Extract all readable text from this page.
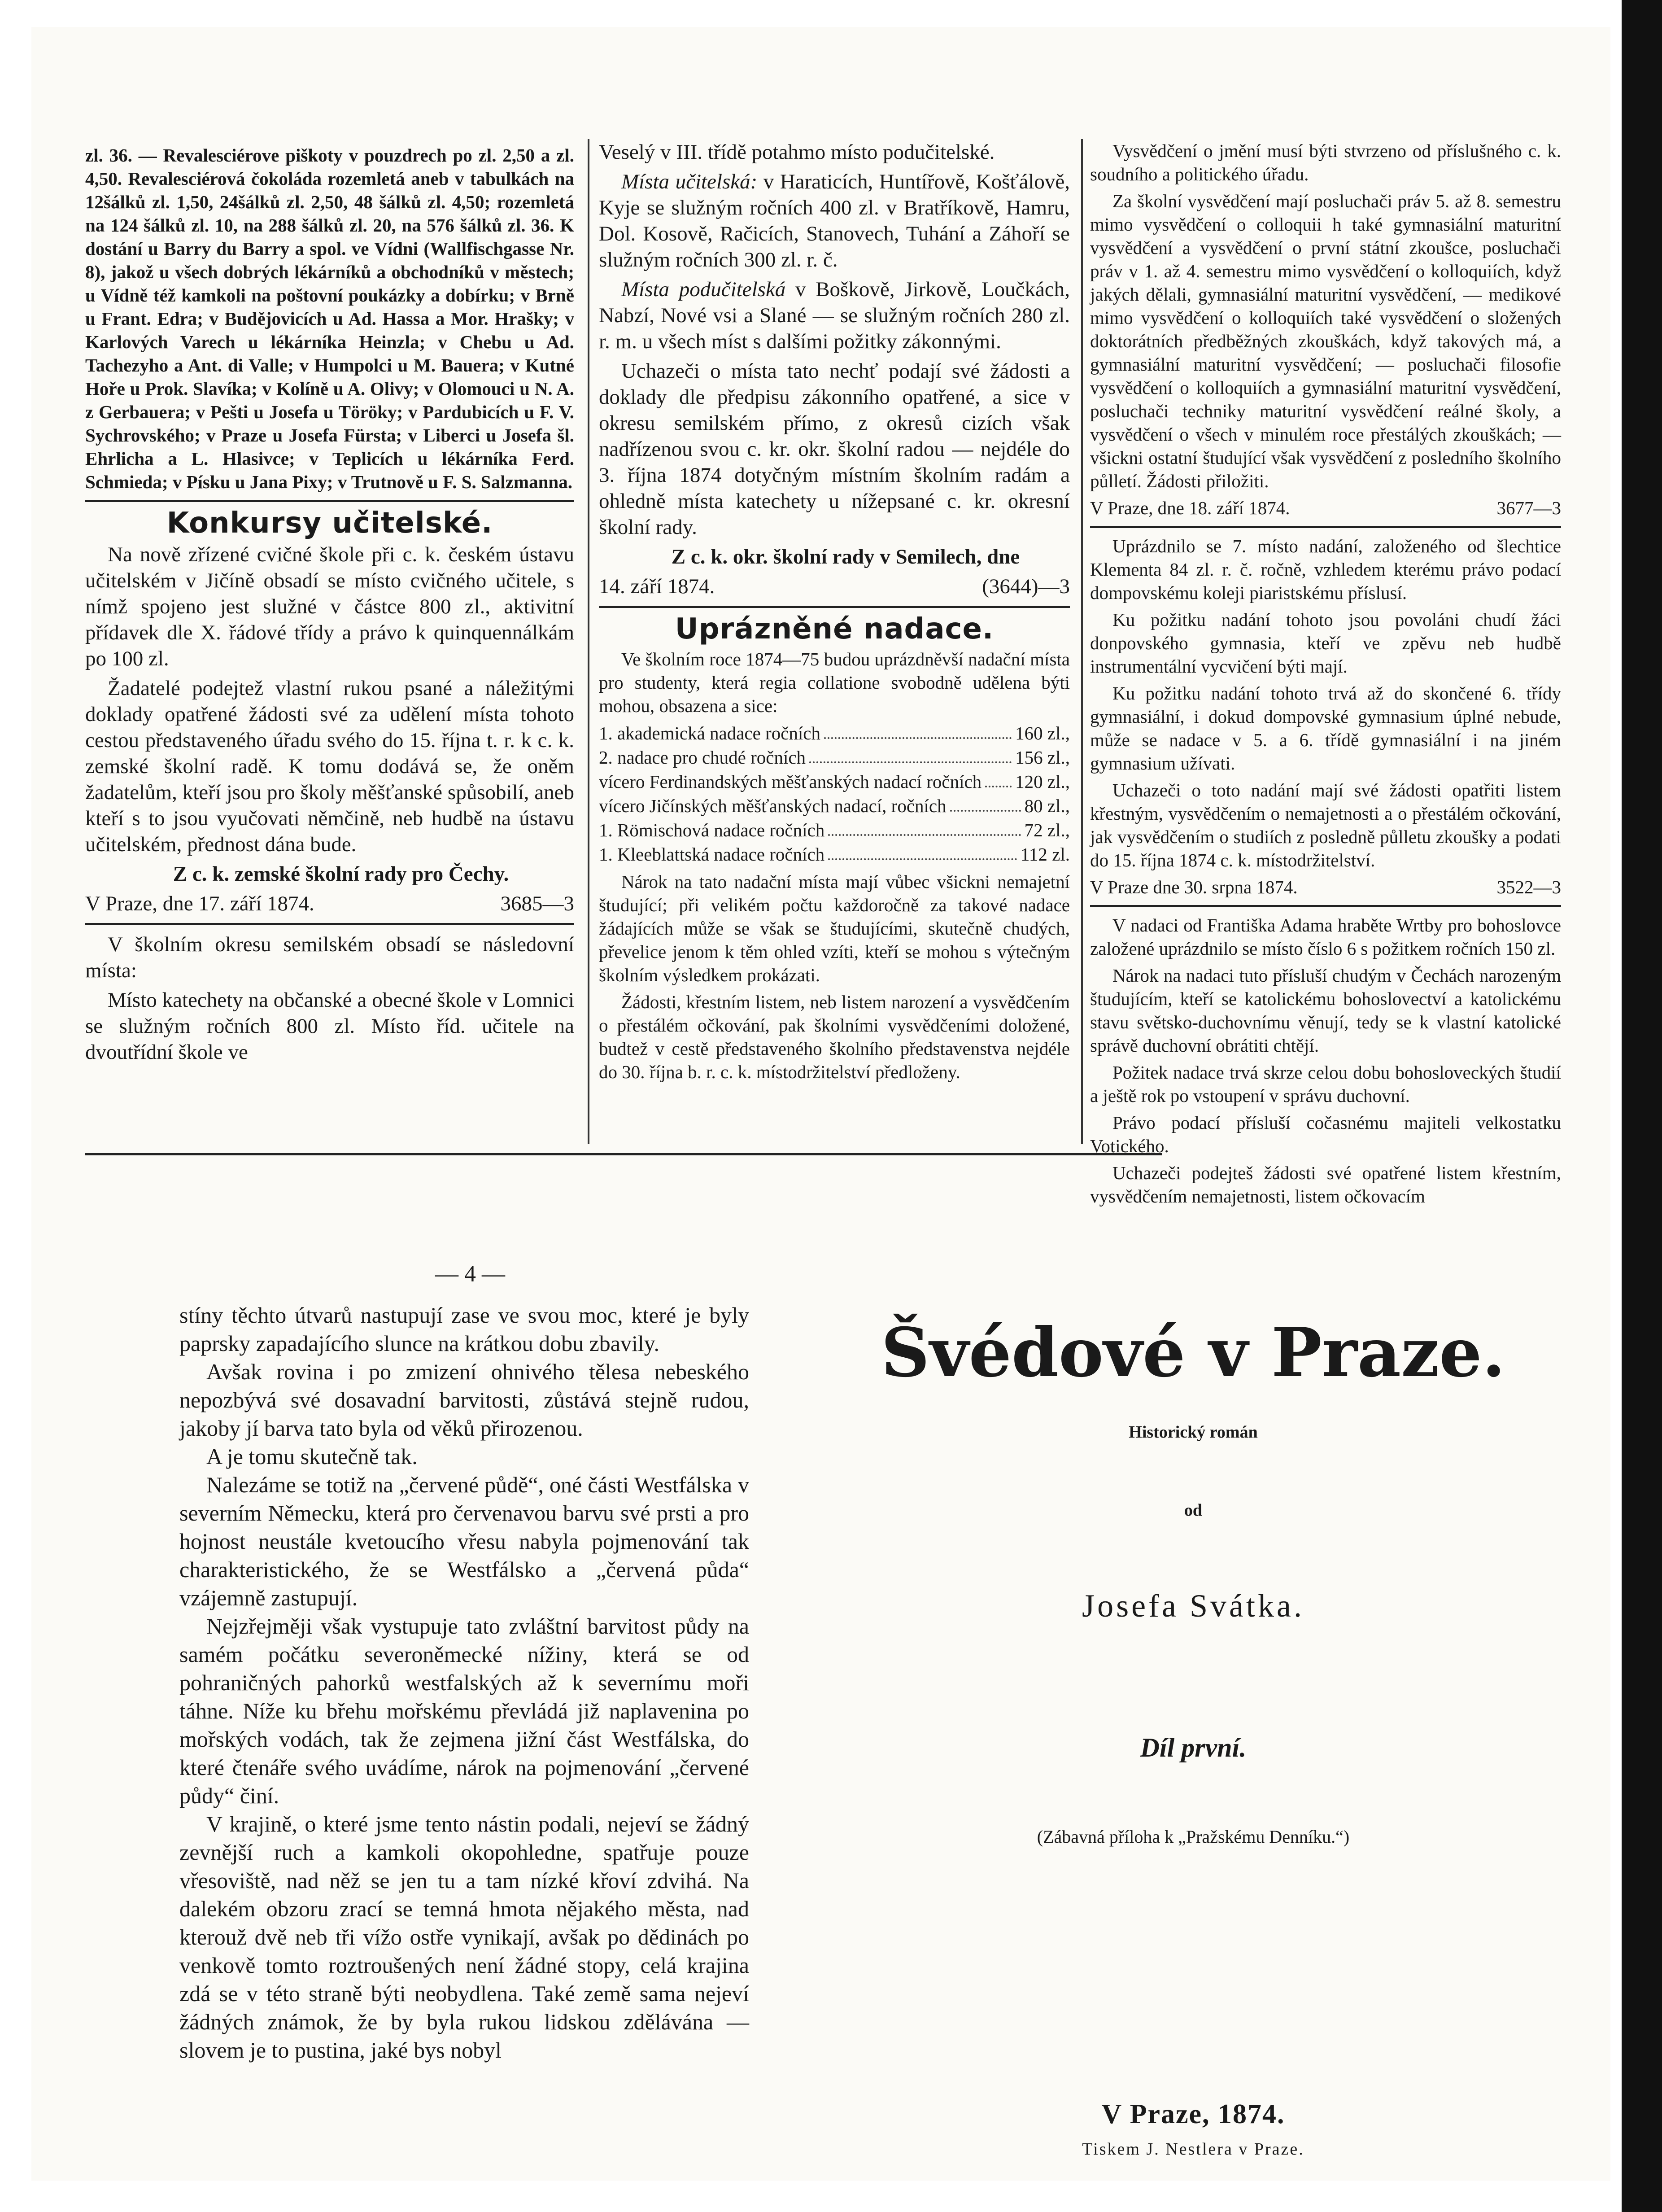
zl. 36. — Revalesciérove piškoty v pouzdrech po zl. 2,50 a zl. 4,50. Revalesciérová čokoláda rozemletá aneb v tabulkách na 12šálků zl. 1,50, 24šálků zl. 2,50, 48 šálků zl. 4,50; rozemletá na 124 šálků zl. 10, na 288 šálků zl. 20, na 576 šálků zl. 36. K dostání u Barry du Barry a spol. ve Vídni (Wallfischgasse Nr. 8), jakož u všech dobrých lékárníků a obchodníků v městech; u Vídně též kamkoli na poštovní poukázky a dobírku; v Brně u Frant. Edra; v Budějovicích u Ad. Hassa a Mor. Hrašky; v Karlových Varech u lékárníka Heinzla; v Chebu u Ad. Tachezyho a Ant. di Valle; v Humpolci u M. Bauera; v Kutné Hoře u Prok. Slavíka; v Kolíně u A. Olivy; v Olomouci u N. A. z Gerbauera; v Pešti u Josefa u Töröky; v Pardubicích u F. V. Sychrovského; v Praze u Josefa Fürsta; v Liberci u Josefa šl. Ehrlicha a L. Hlasivce; v Teplicích u lékárníka Ferd. Schmieda; v Písku u Jana Pixy; v Trutnově u F. S. Salzmanna.

Konkursy učitelské.

Na nově zřízené cvičné škole při c. k. českém ústavu učitelském v Jičíně obsadí se místo cvičného učitele, s nímž spojeno jest služné v částce 800 zl., aktivitní přídavek dle X. řádové třídy a právo k quinquennálkám po 100 zl.

Žadatelé podejtež vlastní rukou psané a náležitými doklady opatřené žádosti své za udělení místa tohoto cestou představeného úřadu svého do 15. října t. r. k c. k. zemské školní radě. K tomu dodává se, že oněm žadatelům, kteří jsou pro školy měšťanské spůsobilí, aneb kteří s to jsou vyučovati němčině, neb hudbě na ústavu učitelském, přednost dána bude.

Z c. k. zemské školní rady pro Čechy.

V Praze, dne 17. září 1874.	3685—3

V školním okresu semilském obsadí se následovní místa:

Místo katechety na občanské a obecné škole v Lomnici se služným ročních 800 zl. Místo říd. učitele na dvoutřídní škole ve

Veselý v III. třídě potahmo místo podučitelské.

Místa učitelská: v Haraticích, Huntířově, Košťálově, Kyje se služným ročních 400 zl. v Bratříkově, Hamru, Dol. Kosově, Račicích, Stanovech, Tuhání a Záhoří se služným ročních 300 zl. r. č.

Místa podučitelská v Boškově, Jirkově, Loučkách, Nabzí, Nové vsi a Slané — se služným ročních 280 zl. r. m. u všech míst s dalšími požitky zákonnými.

Uchazeči o místa tato nechť podají své žádosti a doklady dle předpisu zákonního opatřené, a sice v okresu semilském přímo, z okresů cizích však nadřízenou svou c. kr. okr. školní radou — nejdéle do 3. října 1874 dotyčným místním školním radám a ohledně místa katechety u nížepsané c. kr. okresní školní rady.

Z c. k. okr. školní rady v Semilech, dne

14. září 1874.	(3644)—3

Uprázněné nadace.

Ve školním roce 1874—75 budou uprázdněvší nadační místa pro studenty, která regia collatione svobodně udělena býti mohou, obsazena a sice:

1. akademická nadace ročních	160 zl.,
2. nadace pro chudé ročních	156 zl.,
vícero Ferdinandských měšťanských nadací ročních 120 zl.,
vícero Jičínských měšťanských nadací, ročních	80 zl.,
1. Römischová nadace ročních	72 zl.,
1. Kleeblattská nadace ročních	112 zl.

Nárok na tato nadační místa mají vůbec všickni nemajetní študující; při velikém počtu každoročně za takové nadace žádajících může se však se študujícími, skutečně chudých, převelice jenom k těm ohled vzíti, kteří se mohou s výtečným školním výsledkem prokázati.

Žádosti, křestním listem, neb listem narození a vysvědčením o přestálém očkování, pak školními vysvědčeními doložené, budtež v cestě představeného školního představenstva nejdéle do 30. října b. r. c. k. místodržitelství předloženy.

Vysvědčení o jmění musí býti stvrzeno od příslušného c. k. soudního a politického úřadu.

Za školní vysvědčení mají posluchači práv 5. až 8. semestru mimo vysvědčení o colloquii h také gymnasiální maturitní vysvědčení a vysvědčení o první státní zkoušce, posluchači práv v 1. až 4. semestru mimo vysvědčení o kolloquiích, když jakých dělali, gymnasiální maturitní vysvědčení, — medikové mimo vysvědčení o kolloquiích také vysvědčení o složených doktorátních předběžných zkouškách, když takových má, a gymnasiální maturitní vysvědčení; — posluchači filosofie vysvědčení o kolloquiích a gymnasiální maturitní vysvědčení, posluchači techniky maturitní vysvědčení reálné školy, a vysvědčení o všech v minulém roce přestálých zkouškách; — všickni ostatní študující však vysvědčení z posledního školního půlletí. Žádosti přiložiti.

V Praze, dne 18. září 1874.	3677—3

Uprázdnilo se 7. místo nadání, založeného od šlechtice Klementa 84 zl. r. č. ročně, vzhledem kterému právo podací dompovskému koleji piaristskému příslusí.

Ku požitku nadání tohoto jsou povoláni chudí žáci donpovského gymnasia, kteří ve zpěvu neb hudbě instrumentální vycvičení býti mají.

Ku požitku nadání tohoto trvá až do skončené 6. třídy gymnasiální, i dokud dompovské gymnasium úplné nebude, může se nadace v 5. a 6. třídě gymnasiální i na jiném gymnasium užívati.

Uchazeči o toto nadání mají své žádosti opatřiti listem křestným, vysvědčením o nemajetnosti a o přestálém očkování, jak vysvědčením o studiích z posledně půlletu zkoušky a podati do 15. října 1874 c. k. místodržitelství.

V Praze dne 30. srpna 1874.	3522—3

V nadaci od Františka Adama hraběte Wrtby pro bohoslovce založené uprázdnilo se místo číslo 6 s požitkem ročních 150 zl.

Nárok na nadaci tuto přísluší chudým v Čechách narozeným študujícím, kteří se katolickému bohoslovectví a katolickému stavu světsko-duchovnímu věnují, tedy se k vlastní katolické správě duchovní obrátiti chtějí.

Požitek nadace trvá skrze celou dobu bohosloveckých študií a ještě rok po vstoupení v správu duchovní.

Právo podací přísluší cočasnému majiteli velkostatku Votického.

Uchazeči podejteš žádosti své opatřené listem křestním, vysvědčením nemajetnosti, listem očkovacím

— 4 —

stíny těchto útvarů nastupují zase ve svou moc, které je byly paprsky zapadajícího slunce na krátkou dobu zbavily.

Avšak rovina i po zmizení ohnivého tělesa nebeského nepozbývá své dosavadní barvitosti, zůstává stejně rudou, jakoby jí barva tato byla od věků přirozenou.

A je tomu skutečně tak.

Nalezáme se totiž na „červené půdě“, oné části Westfálska v severním Německu, která pro červenavou barvu své prsti a pro hojnost neustále kvetoucího vřesu nabyla pojmenování tak charakteristického, že se Westfálsko a „červená půda“ vzájemně zastupují.

Nejzřejměji však vystupuje tato zvláštní barvitost půdy na samém počátku severoněmecké nížiny, která se od pohraničných pahorků westfalských až k severnímu moři táhne. Níže ku břehu mořskému převládá již naplavenina po mořských vodách, tak že zejmena jižní část Westfálska, do které čtenáře svého uvádíme, nárok na pojmenování „červené půdy“ činí.

V krajině, o které jsme tento nástin podali, nejeví se žádný zevnější ruch a kamkoli okopohledne, spatřuje pouze vřesoviště, nad něž se jen tu a tam nízké křoví zdvihá. Na dalekém obzoru zrací se temná hmota nějakého města, nad kterouž dvě neb tři vížo ostře vynikají, avšak po dědinách po venkově tomto roztroušených není žádné stopy, celá krajina zdá se v této straně býti neobydlena. Také země sama nejeví žádných známok, že by byla rukou lidskou zdělávána — slovem je to pustina, jaké bys nobyl

Švédové v Praze.
Historický román
od
Josefa Svátka.
Díl první.
(Zábavná příloha k „Pražskému Denníku.“)
V Praze, 1874.
Tiskem J. Nestlera v Praze.
